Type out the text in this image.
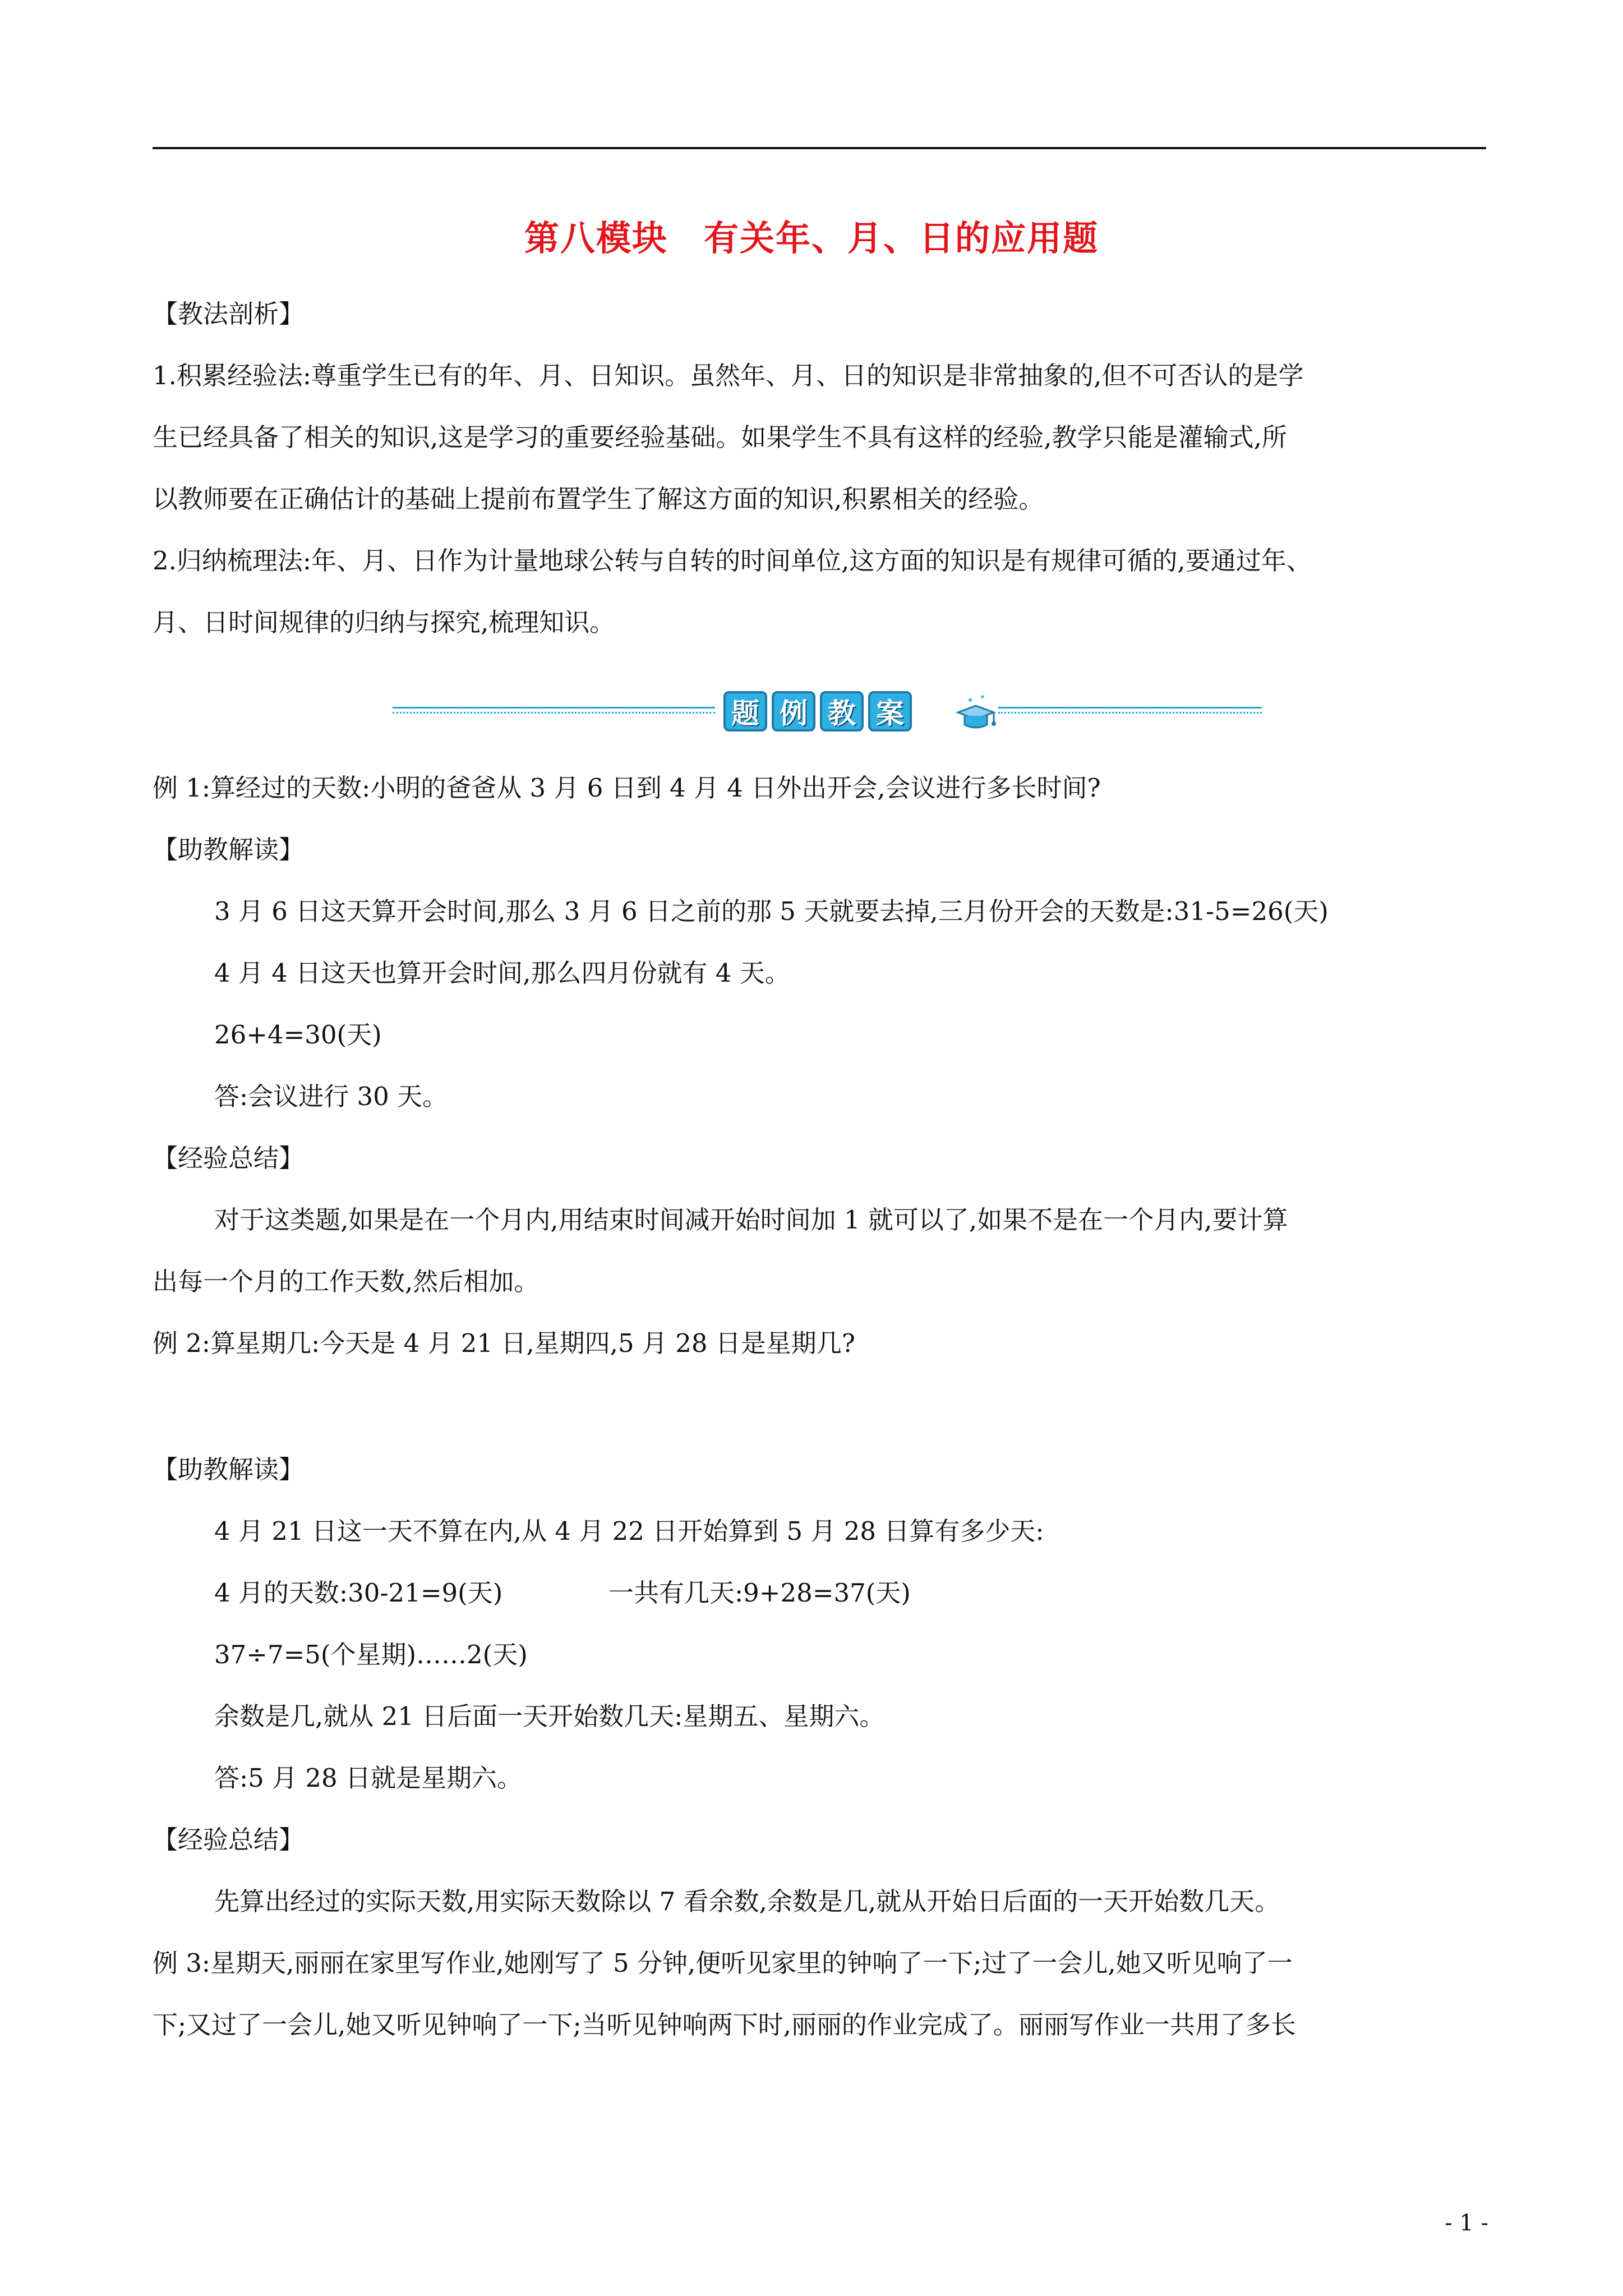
第八模块　有关年、月、日的应用题
【教法剖析】
1.积累经验法:尊重学生已有的年、月、日知识。虽然年、月、日的知识是非常抽象的,但不可否认的是学
生已经具备了相关的知识,这是学习的重要经验基础。如果学生不具有这样的经验,教学只能是灌输式,所
以教师要在正确估计的基础上提前布置学生了解这方面的知识,积累相关的经验。
2.归纳梳理法:年、月、日作为计量地球公转与自转的时间单位,这方面的知识是有规律可循的,要通过年、
月、日时间规律的归纳与探究,梳理知识。
题 例 教 案
例 1:算经过的天数:小明的爸爸从 3 月 6 日到 4 月 4 日外出开会,会议进行多长时间?
【助教解读】
3 月 6 日这天算开会时间,那么 3 月 6 日之前的那 5 天就要去掉,三月份开会的天数是:31-5=26(天)
4 月 4 日这天也算开会时间,那么四月份就有 4 天。
26+4=30(天)
答:会议进行 30 天。
【经验总结】
对于这类题,如果是在一个月内,用结束时间减开始时间加 1 就可以了,如果不是在一个月内,要计算
出每一个月的工作天数,然后相加。
例 2:算星期几:今天是 4 月 21 日,星期四,5 月 28 日是星期几?
【助教解读】
4 月 21 日这一天不算在内,从 4 月 22 日开始算到 5 月 28 日算有多少天:
4 月的天数:30-21=9(天)	一共有几天:9+28=37(天)
37÷7=5(个星期)……2(天)
余数是几,就从 21 日后面一天开始数几天:星期五、星期六。
答:5 月 28 日就是星期六。
【经验总结】
先算出经过的实际天数,用实际天数除以 7 看余数,余数是几,就从开始日后面的一天开始数几天。
例 3:星期天,丽丽在家里写作业,她刚写了 5 分钟,便听见家里的钟响了一下;过了一会儿,她又听见响了一
下;又过了一会儿,她又听见钟响了一下;当听见钟响两下时,丽丽的作业完成了。丽丽写作业一共用了多长
- 1 -
